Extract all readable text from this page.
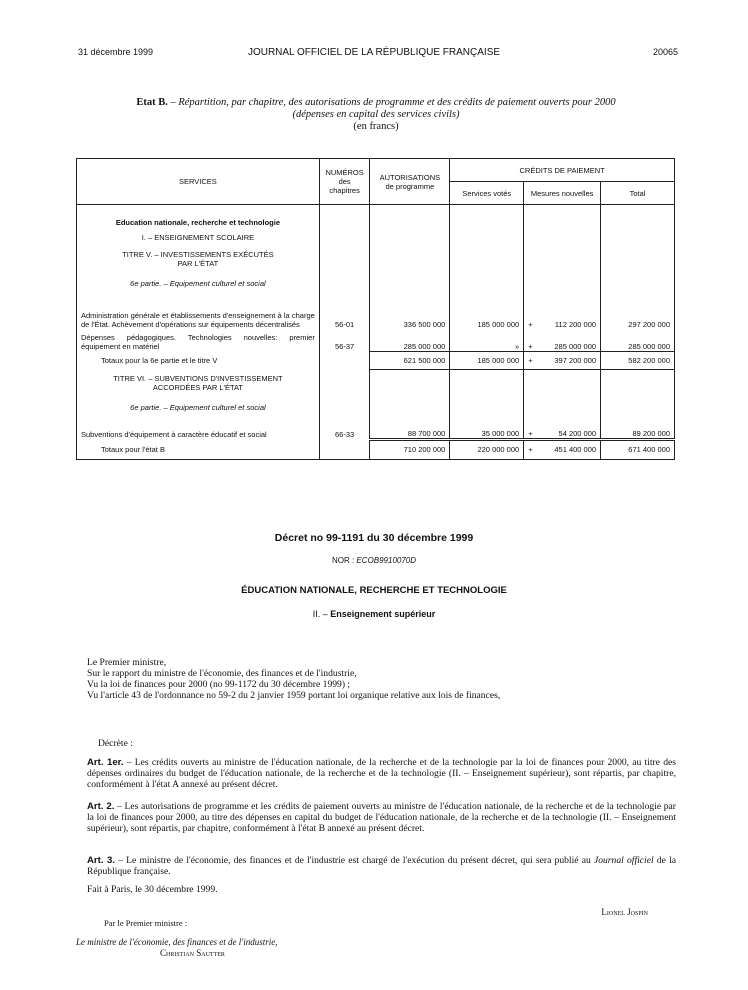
31 décembre 1999	JOURNAL OFFICIEL DE LA RÉPUBLIQUE FRANÇAISE	20065
Etat B. – Répartition, par chapitre, des autorisations de programme et des crédits de paiement ouverts pour 2000
(dépenses en capital des services civils)
(en francs)
SERVICES	NUMÉROS des chapitres	AUTORISATIONS de programme	CRÉDITS DE PAIEMENT		
			Services votés	Mesures nouvelles	Total

Education nationale, recherche et technologie					
I. – ENSEIGNEMENT SCOLAIRE					
TITRE V. – INVESTISSEMENTS EXÉCUTÉS PAR L'ÉTAT					
6e partie. – Equipement culturel et social					
Administration générale et établissements d'enseignement à la charge de l'État. Achèvement d'opérations sur équipements décentralisés	56-01	336 500 000	185 000 000	+ 112 200 000	297 200 000
Dépenses pédagogiques. Technologies nouvelles: premier équipement en matériel	56-37	285 000 000	»	+ 285 000 000	285 000 000
Totaux pour la 6e partie et le titre V		621 500 000	185 000 000	+ 397 200 000	582 200 000
TITRE VI. – SUBVENTIONS D'INVESTISSEMENT ACCORDÉES PAR L'ÉTAT					
6e partie. – Equipement culturel et social					
Subventions d'équipement à caractère éducatif et social	66-33	88 700 000	35 000 000	+ 54 200 000	89 200 000
Totaux pour l'état B		710 200 000	220 000 000	+ 451 400 000	671 400 000
Décret no 99-1191 du 30 décembre 1999
NOR : ECOB9910070D
ÉDUCATION NATIONALE, RECHERCHE ET TECHNOLOGIE
II. – Enseignement supérieur
Le Premier ministre,
Sur le rapport du ministre de l'économie, des finances et de l'industrie,
Vu la loi de finances pour 2000 (no 99-1172 du 30 décembre 1999) ;
Vu l'article 43 de l'ordonnance no 59-2 du 2 janvier 1959 portant loi organique relative aux lois de finances,
Décrète :
Art. 1er. – Les crédits ouverts au ministre de l'éducation nationale, de la recherche et de la technologie par la loi de finances pour 2000, au titre des dépenses ordinaires du budget de l'éducation nationale, de la recherche et de la technologie (II. – Enseignement supérieur), sont répartis, par chapitre, conformément à l'état A annexé au présent décret.
Art. 2. – Les autorisations de programme et les crédits de paiement ouverts au ministre de l'éducation nationale, de la recherche et de la technologie par la loi de finances pour 2000, au titre des dépenses en capital du budget de l'éducation nationale, de la recherche et de la technologie (II. – Enseignement supérieur), sont répartis, par chapitre, conformément à l'état B annexé au présent décret.
Art. 3. – Le ministre de l'économie, des finances et de l'industrie est chargé de l'exécution du présent décret, qui sera publié au Journal officiel de la République française.
Fait à Paris, le 30 décembre 1999.
Lionel Jospin
Par le Premier ministre :
Le ministre de l'économie, des finances et de l'industrie,
Christian Sautter
